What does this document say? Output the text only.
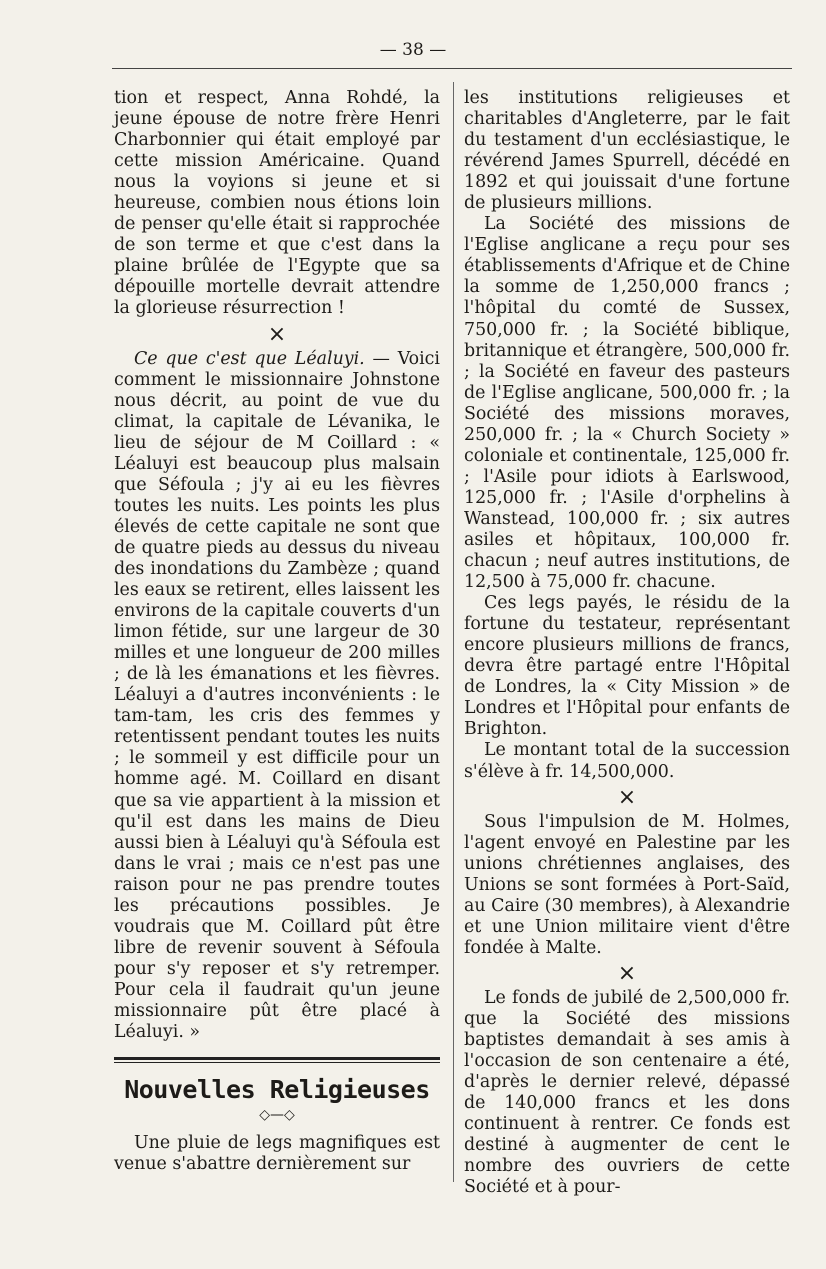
— 38 —

tion et respect, Anna Rohdé, la jeune épouse de notre frère Henri Charbonnier qui était employé par cette mission Américaine. Quand nous la voyions si jeune et si heureuse, combien nous étions loin de penser qu'elle était si rapprochée de son terme et que c'est dans la plaine brûlée de l'Egypte que sa dépouille mortelle devrait attendre la glorieuse résurrection !

×

Ce que c'est que Léaluyi. — Voici comment le missionnaire Johnstone nous décrit, au point de vue du climat, la capitale de Lévanika, le lieu de séjour de M Coillard : « Léaluyi est beaucoup plus malsain que Séfoula ; j'y ai eu les fièvres toutes les nuits. Les points les plus élevés de cette capitale ne sont que de quatre pieds au dessus du niveau des inondations du Zambèze ; quand les eaux se retirent, elles laissent les environs de la capitale couverts d'un limon fétide, sur une largeur de 30 milles et une longueur de 200 milles ; de là les émanations et les fièvres. Léaluyi a d'autres inconvénients : le tam-tam, les cris des femmes y retentissent pendant toutes les nuits ; le sommeil y est difficile pour un homme agé. M. Coillard en disant que sa vie appartient à la mission et qu'il est dans les mains de Dieu aussi bien à Léaluyi qu'à Séfoula est dans le vrai ; mais ce n'est pas une raison pour ne pas prendre toutes les précautions possibles. Je voudrais que M. Coillard pût être libre de revenir souvent à Séfoula pour s'y reposer et s'y retremper. Pour cela il faudrait qu'un jeune missionnaire pût être placé à Léaluyi. »

Nouvelles Religieuses
◇—◇

Une pluie de legs magnifiques est venue s'abattre dernièrement sur

les institutions religieuses et charitables d'Angleterre, par le fait du testament d'un ecclésiastique, le révérend James Spurrell, décédé en 1892 et qui jouissait d'une fortune de plusieurs millions.

La Société des missions de l'Eglise anglicane a reçu pour ses établissements d'Afrique et de Chine la somme de 1,250,000 francs ; l'hôpital du comté de Sussex, 750,000 fr. ; la Société biblique, britannique et étrangère, 500,000 fr. ; la Société en faveur des pasteurs de l'Eglise anglicane, 500,000 fr. ; la Société des missions moraves, 250,000 fr. ; la « Church Society » coloniale et continentale, 125,000 fr. ; l'Asile pour idiots à Earlswood, 125,000 fr. ; l'Asile d'orphelins à Wanstead, 100,000 fr. ; six autres asiles et hôpitaux, 100,000 fr. chacun ; neuf autres institutions, de 12,500 à 75,000 fr. chacune.

Ces legs payés, le résidu de la fortune du testateur, représentant encore plusieurs millions de francs, devra être partagé entre l'Hôpital de Londres, la « City Mission » de Londres et l'Hôpital pour enfants de Brighton.

Le montant total de la succession s'élève à fr. 14,500,000.

×

Sous l'impulsion de M. Holmes, l'agent envoyé en Palestine par les unions chrétiennes anglaises, des Unions se sont formées à Port-Saïd, au Caire (30 membres), à Alexandrie et une Union militaire vient d'être fondée à Malte.

×

Le fonds de jubilé de 2,500,000 fr. que la Société des missions baptistes demandait à ses amis à l'occasion de son centenaire a été, d'après le dernier relevé, dépassé de 140,000 francs et les dons continuent à rentrer. Ce fonds est destiné à augmenter de cent le nombre des ouvriers de cette Société et à pour-
